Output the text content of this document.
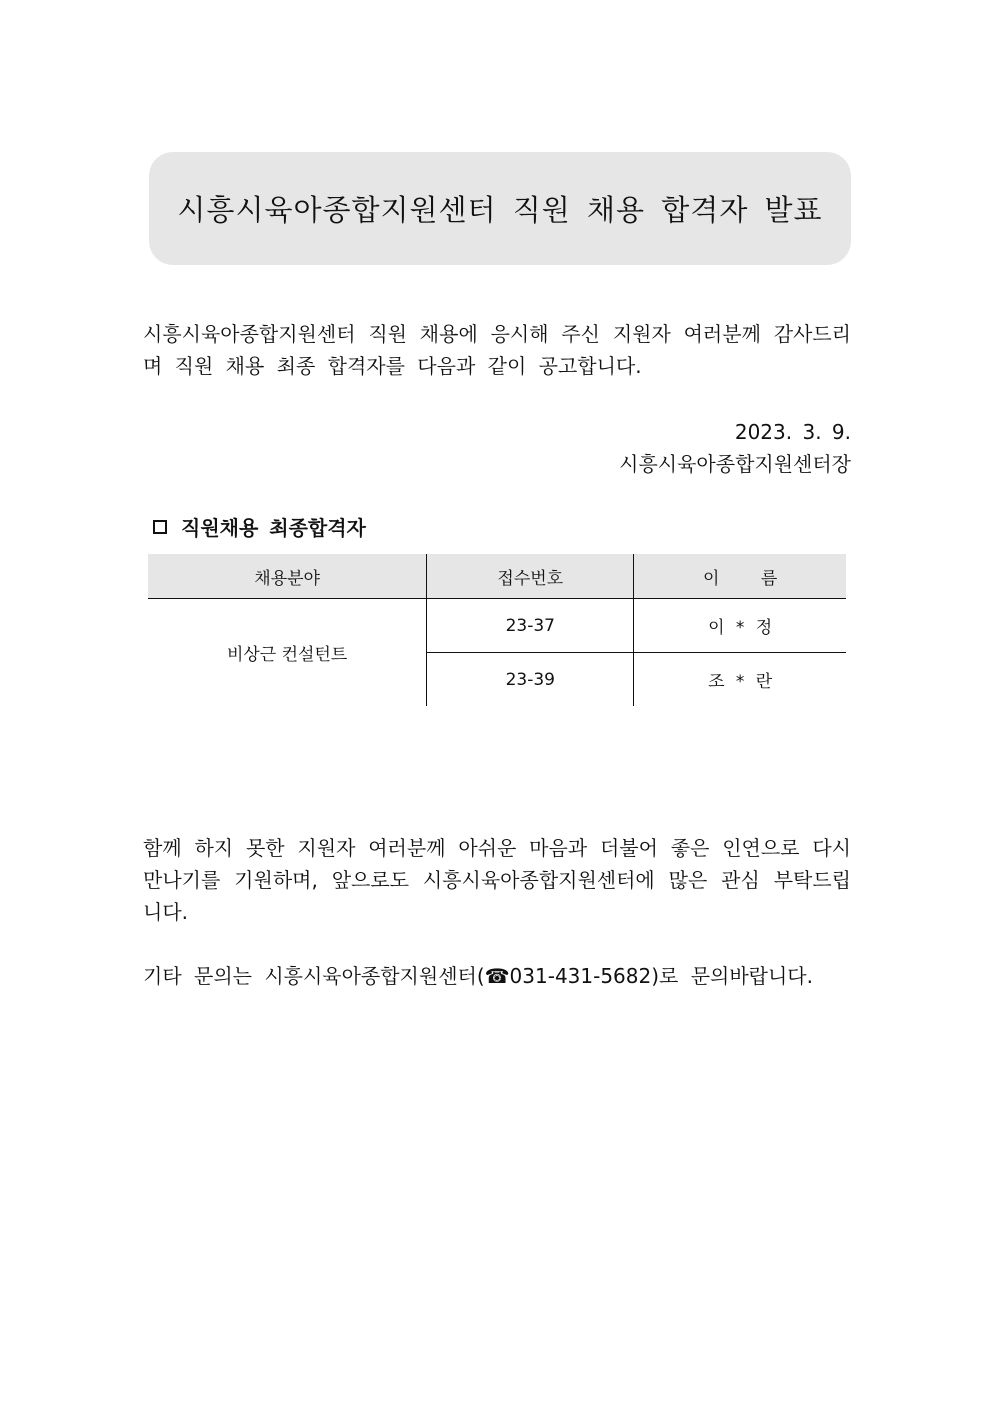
시흥시육아종합지원센터 직원 채용 합격자 발표

시흥시육아종합지원센터 직원 채용에 응시해 주신 지원자 여러분께 감사드리며 직원 채용 최종 합격자를 다음과 같이 공고합니다.

2023. 3. 9.
시흥시육아종합지원센터장
직원채용 최종합격자
채용분야	접수번호	이 름
비상근 컨설턴트	23-37	이 * 정
	23-39	조 * 란

함께 하지 못한 지원자 여러분께 아쉬운 마음과 더불어 좋은 인연으로 다시 만나기를 기원하며, 앞으로도 시흥시육아종합지원센터에 많은 관심 부탁드립니다.

기타 문의는 시흥시육아종합지원센터(☎031-431-5682)로 문의바랍니다.
